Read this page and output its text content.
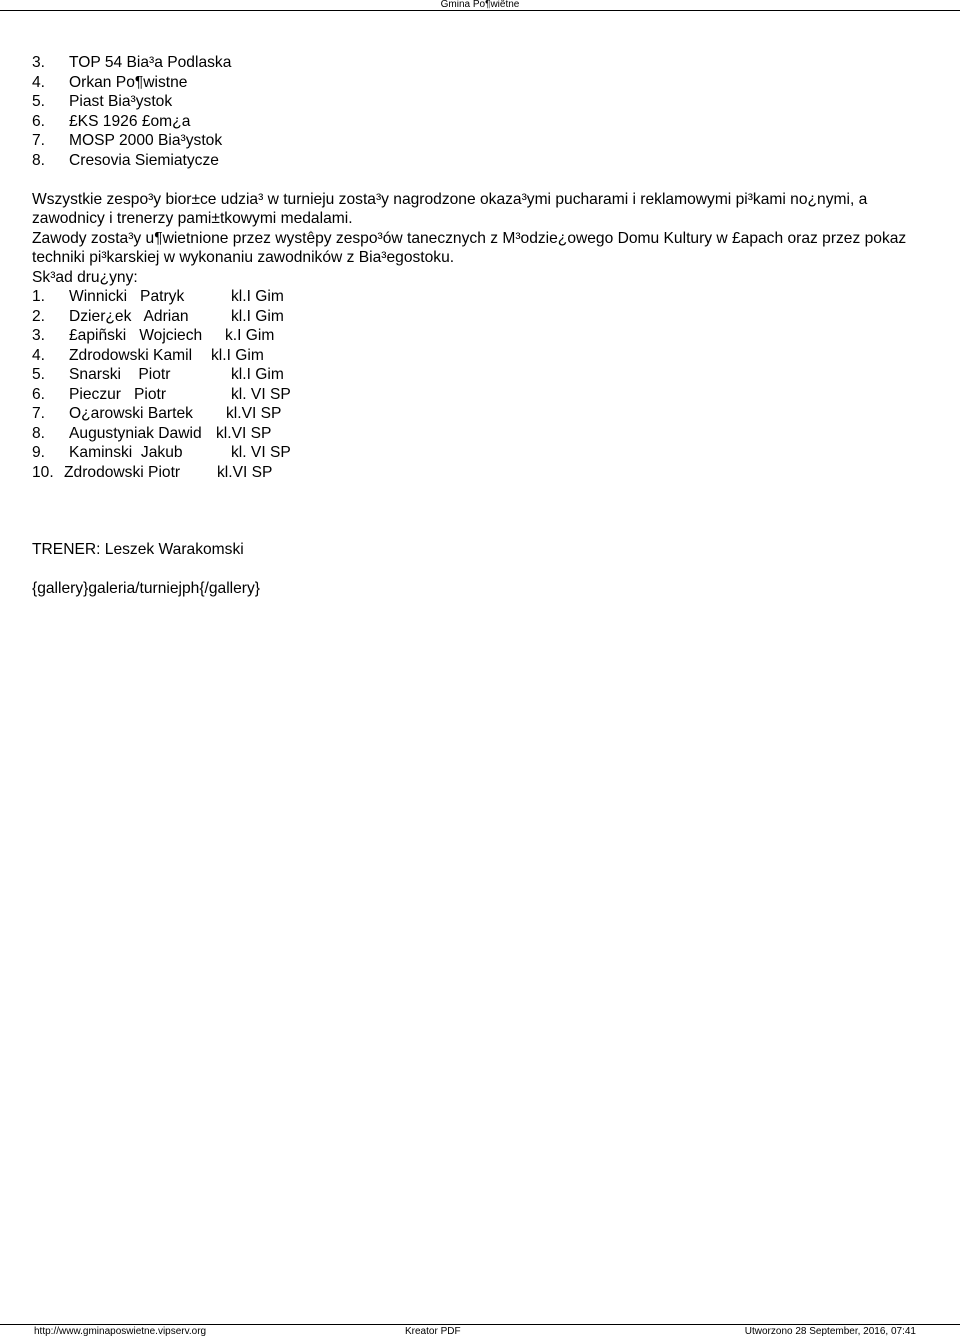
Gmina Po¶wiêtne
3. TOP 54 Bia³a Podlaska
4. Orkan Po¶wistne
5. Piast Bia³ystok
6. £KS 1926 £om¿a
7. MOSP 2000 Bia³ystok
8. Cresovia Siemiatycze

Wszystkie zespo³y bior±ce udzia³ w turnieju zosta³y nagrodzone okaza³ymi pucharami i reklamowymi pi³kami no¿nymi, a zawodnicy i trenerzy pami±tkowymi medalami.

Zawody zosta³y u¶wietnione przez wystêpy zespo³ów tanecznych z M³odzie¿owego Domu Kultury w £apach oraz przez pokaz techniki pi³karskiej w wykonaniu zawodników z Bia³egostoku.

Sk³ad dru¿yny:

1. Winnicki   Patryk	kl.I Gim
2. Dzier¿ek   Adrian	kl.I Gim
3. £apiñski   Wojciech k.I Gim
4. Zdrodowski Kamil kl.I Gim
5. Snarski    Piotr	kl.I Gim
6. Pieczur   Piotr	kl. VI SP
7. O¿arowski Bartek kl.VI SP
8. Augustyniak Dawid kl.VI SP
9. Kaminski  Jakub	kl. VI SP
10. Zdrodowski Piotr kl.VI SP

TRENER: Leszek Warakomski

{gallery}galeria/turniejph{/gallery}

http://www.gminaposwietne.vipserv.org	Kreator PDF	Utworzono 28 September, 2016, 07:41
